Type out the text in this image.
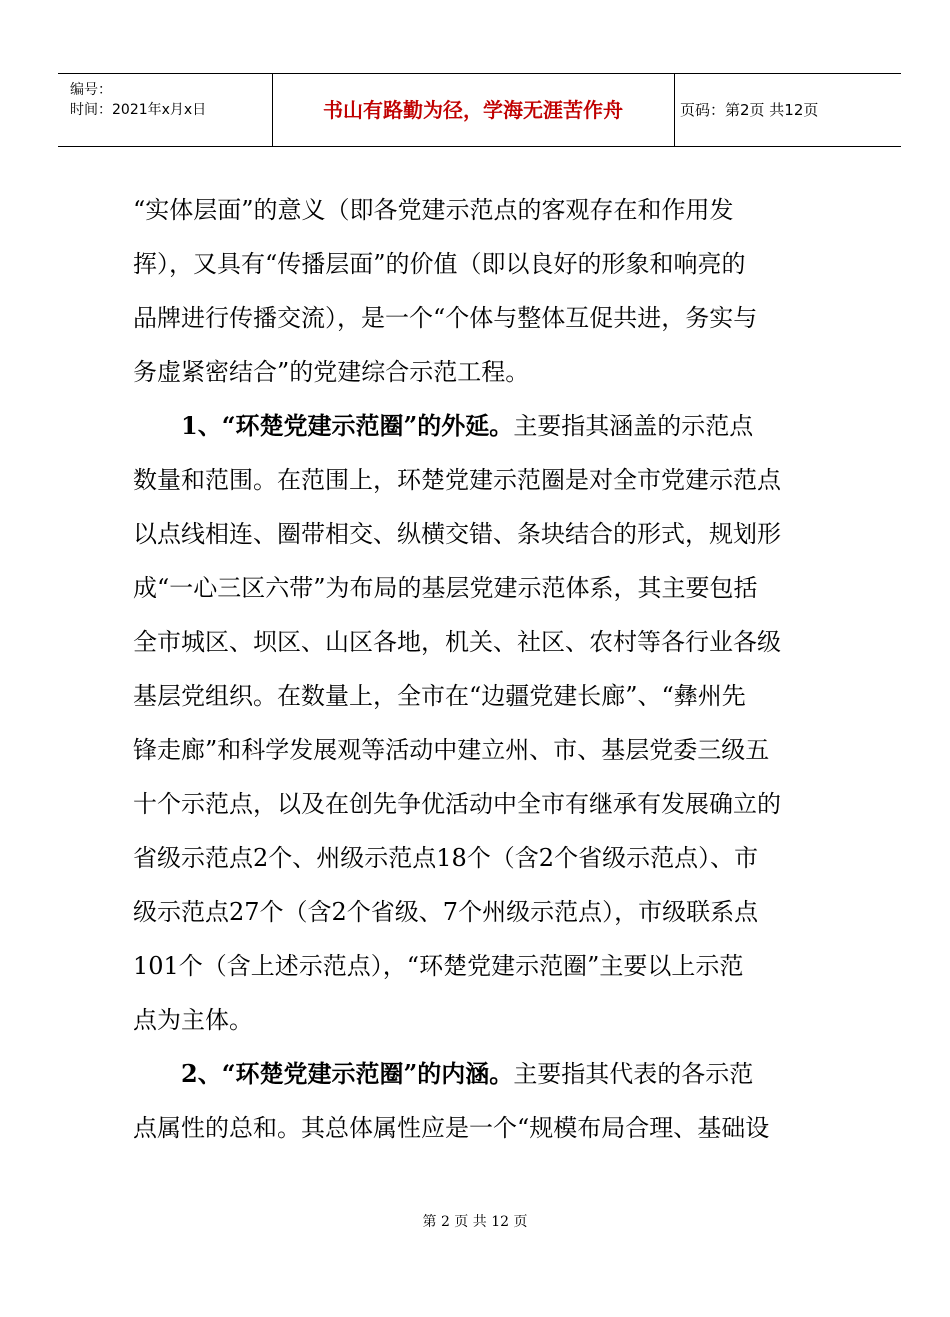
编号：
时间：2021年x月x日	书山有路勤为径，学海无涯苦作舟	页码：第2页 共12页
“实体层面”的意义（即各党建示范点的客观存在和作用发
挥），又具有“传播层面”的价值（即以良好的形象和响亮的
品牌进行传播交流），是一个“个体与整体互促共进，务实与
务虚紧密结合”的党建综合示范工程。
1、“环楚党建示范圈”的外延。主要指其涵盖的示范点
数量和范围。在范围上，环楚党建示范圈是对全市党建示范点
以点线相连、圈带相交、纵横交错、条块结合的形式，规划形
成“一心三区六带”为布局的基层党建示范体系，其主要包括
全市城区、坝区、山区各地，机关、社区、农村等各行业各级
基层党组织。在数量上，全市在“边疆党建长廊”、“彝州先
锋走廊”和科学发展观等活动中建立州、市、基层党委三级五
十个示范点，以及在创先争优活动中全市有继承有发展确立的
省级示范点2个、州级示范点18个（含2个省级示范点）、市
级示范点27个（含2个省级、7个州级示范点），市级联系点
101个（含上述示范点），“环楚党建示范圈”主要以上示范
点为主体。
2、“环楚党建示范圈”的内涵。主要指其代表的各示范
点属性的总和。其总体属性应是一个“规模布局合理、基础设
第 2 页 共 12 页
